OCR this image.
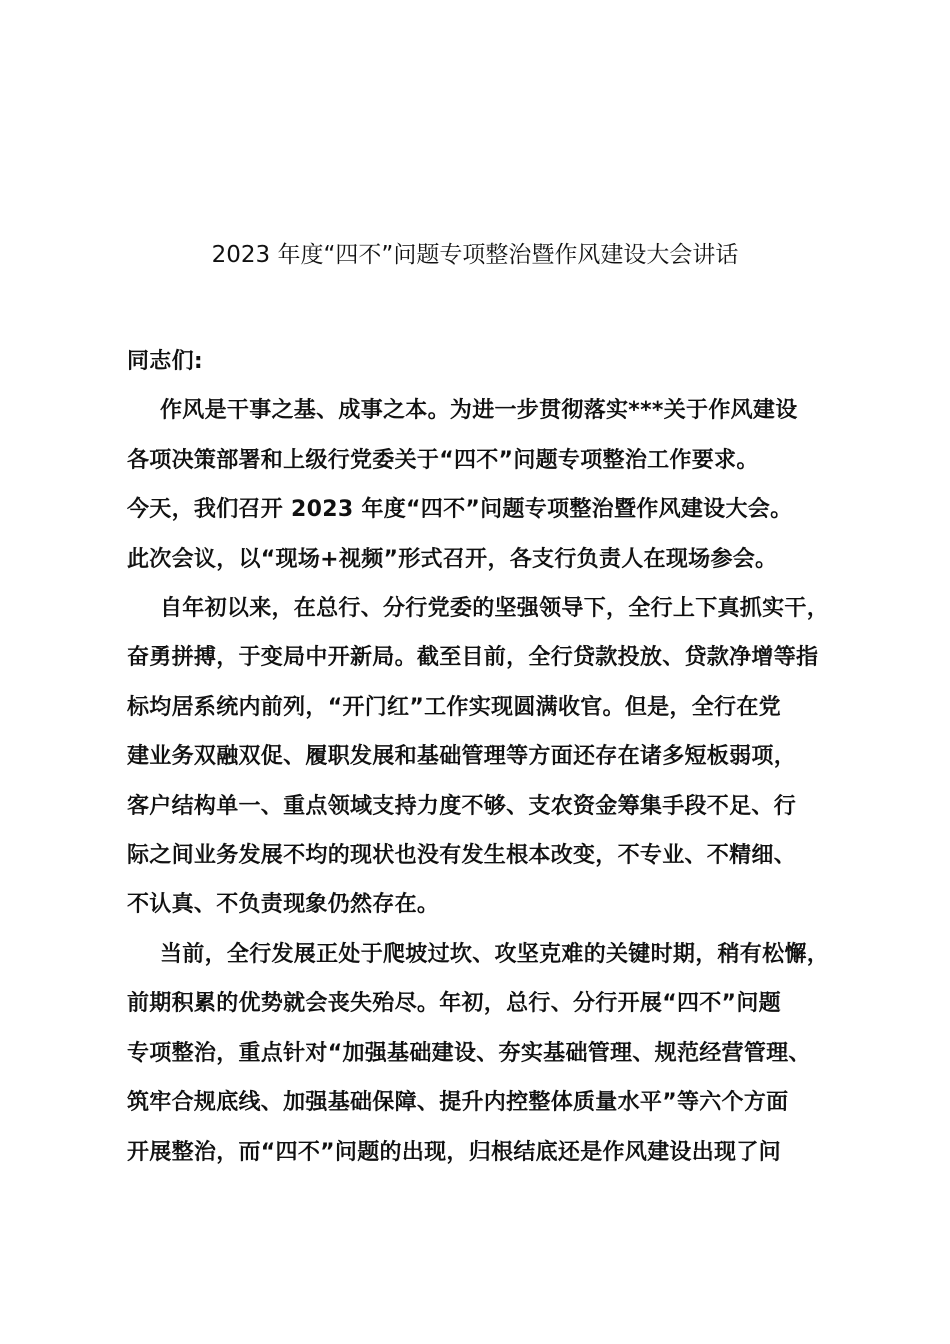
2023 年度“四不”问题专项整治暨作风建设大会讲话

同志们:

作风是干事之基、成事之本。为进一步贯彻落实***关于作风建设
各项决策部署和上级行党委关于“四不”问题专项整治工作要求。
今天，我们召开 2023 年度“四不”问题专项整治暨作风建设大会。
此次会议，以“现场+视频”形式召开，各支行负责人在现场参会。

自年初以来，在总行、分行党委的坚强领导下，全行上下真抓实干，
奋勇拼搏，于变局中开新局。截至目前，全行贷款投放、贷款净增等指
标均居系统内前列，“开门红”工作实现圆满收官。但是，全行在党
建业务双融双促、履职发展和基础管理等方面还存在诸多短板弱项，
客户结构单一、重点领域支持力度不够、支农资金筹集手段不足、行
际之间业务发展不均的现状也没有发生根本改变，不专业、不精细、
不认真、不负责现象仍然存在。

当前，全行发展正处于爬坡过坎、攻坚克难的关键时期，稍有松懈，
前期积累的优势就会丧失殆尽。年初，总行、分行开展“四不”问题
专项整治，重点针对“加强基础建设、夯实基础管理、规范经营管理、
筑牢合规底线、加强基础保障、提升内控整体质量水平”等六个方面
开展整治，而“四不”问题的出现，归根结底还是作风建设出现了问
